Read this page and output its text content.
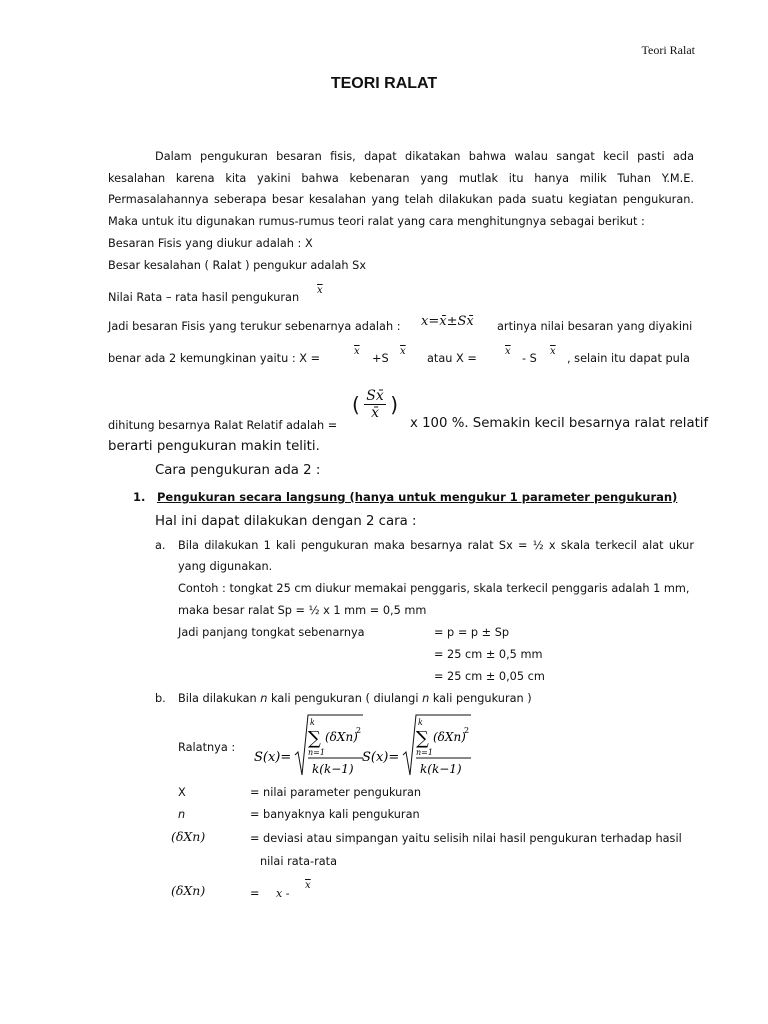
Teori Ralat
TEORI RALAT
Dalam pengukuran besaran fisis, dapat dikatakan bahwa walau sangat kecil pasti ada
kesalahan karena kita yakini bahwa kebenaran yang mutlak itu hanya milik Tuhan Y.M.E.
Permasalahannya seberapa besar kesalahan yang telah dilakukan pada suatu kegiatan pengukuran.
Maka untuk itu digunakan rumus-rumus teori ralat yang cara menghitungnya sebagai berikut :
Besaran Fisis yang diukur adalah : X
Besar kesalahan ( Ralat ) pengukur adalah Sx
Nilai Rata – rata hasil pengukuran
$\overline{x}$
Jadi besaran Fisis yang terukur sebenarnya adalah : x=x̄±Sx̄ artinya nilai besaran yang diyakini
benar ada 2 kemungkinan yaitu : X =
$\overline{x}$
+S
$\overline{x}$
atau X =
$\overline{x}$
- S
$\overline{x}$
, selain itu dapat pula
dihitung besarnya Ralat Relatif adalah =
( $\frac{Sx̄}{x̄}$ )
x 100 %. Semakin kecil besarnya ralat relatif
berarti pengukuran makin teliti.
Cara pengukuran ada 2 :
1. Pengukuran secara langsung (hanya untuk mengukur 1 parameter pengukuran)
Hal ini dapat dilakukan dengan 2 cara :
a. Bila dilakukan 1 kali pengukuran maka besarnya ralat Sx = ½ x skala terkecil alat ukur
yang digunakan.
Contoh : tongkat 25 cm diukur memakai penggaris, skala terkecil penggaris adalah 1 mm,
maka besar ralat Sp = ½ x 1 mm = 0,5 mm
Jadi panjang tongkat sebenarnya	= p = p ± Sp
= 25 cm ± 0,5 mm
= 25 cm ± 0,05 cm
b. Bila dilakukan n kali pengukuran ( diulangi n kali pengukuran )
Ralatnya :
S(x)=
k
∑
n=1
(δXn)
2
k(k−1)
S(x)=
k
∑
n=1
(δXn)
2
k(k−1)
X	= nilai parameter pengukuran
n	= banyaknya kali pengukuran
(δXn)	= deviasi atau simpangan yaitu selisih nilai hasil pengukuran terhadap hasil
nilai rata-rata
(δXn)	= x -
$\overline{x}$
